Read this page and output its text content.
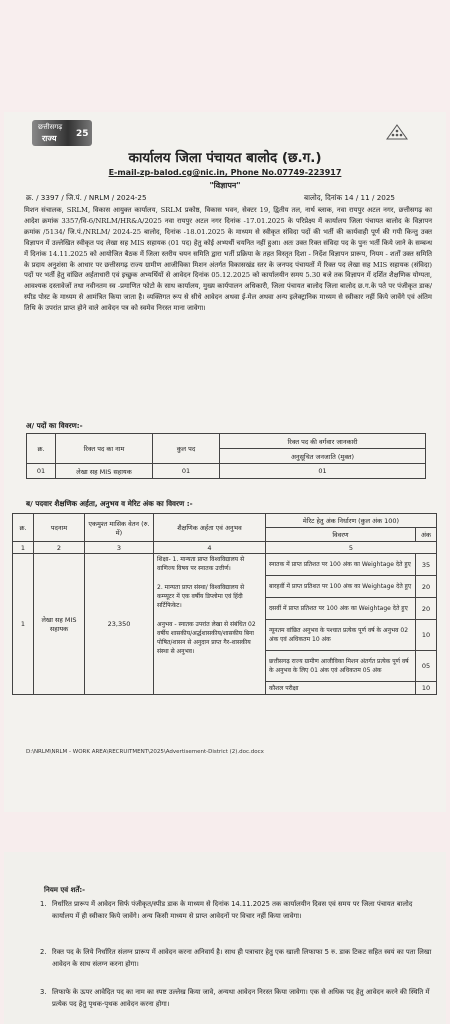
छत्तीसगढ़
राज्य 25
कार्यालय जिला पंचायत बालोद (छ.ग.)
E-mail-zp-balod.cg@nic.in, Phone No.07749-223917
"विज्ञापन"
क्र. / 3397 / जि.पं. / NRLM / 2024-25	बालोद, दिनांक 14 / 11 / 2025
मिशन संचालक, SRLM, विकास आयुक्त कार्यालय, SRLM प्रकोष्ठ, विकास भवन, सेक्टर 19, द्वितीय तल, नार्थ ब्लाक, नवा रायपुर अटल नगर, छत्तीसगढ़ का आदेश क्रमांक 3357/वि-6/NRLM/HR&A/2025 नवा रायपुर अटल नगर दिनांक -17.01.2025 के परिप्रेक्ष्य में कार्यालय जिला पंचायत बालोद के विज्ञापन क्रमांक /5134/ जि.पं./NRLM/ 2024-25 बालोद, दिनांक -18.01.2025 के माध्यम से स्वीकृत संविदा पदों की भर्ती की कार्यवाही पूर्ण की गयी किन्तु उक्त विज्ञापन में उल्लेखित स्वीकृत पद लेखा सह MIS सहायक (01 पद) हेतु कोई अभ्यर्थी चयनित नहीं हुआ। अतः उक्त रिक्त संविदा पद के पुनः भर्ती किये जाने के सम्बन्ध में दिनांक 14.11.2025 को आयोजित बैठक में जिला स्तरीय चयन समिति द्वारा भर्ती प्रक्रिया के तहत विस्तृत दिशा - निर्देश विज्ञापन प्रारूप, नियम - शर्तों उक्त समिति के प्रदाय अनुशंसा के आधार पर छत्तीसगढ़ राज्य ग्रामीण आजीविका मिशन अंतर्गत विकासखंड स्तर के जनपद पंचायतों में रिक्त पद लेखा सह MIS सहायक (संविदा) पदों पर भर्ती हेतु वांछित अर्हताधारी एवं इच्छुक अभ्यर्थियों से आवेदन दिनांक 05.12.2025 को कार्यालयीन समय 5.30 बजे तक विज्ञापन में दर्शित शैक्षणिक योग्यता, आवश्यक दस्तावेजों तथा नवीनतम स्व -प्रमाणित फोटो के साथ कार्यालय, मुख्य कार्यपालन अधिकारी, जिला पंचायत बालोद जिला बालोद छ.ग.के पते पर पंजीकृत डाक/स्पीड पोस्ट के माध्यम से आमंत्रित किया जाता है। व्यक्तिगत रूप से सीधे आवेदन अथवा ई-मेल अथवा अन्य इलेक्ट्रानिक माध्यम से स्वीकार नहीं किये जावेंगे एवं अंतिम तिथि के उपरांत प्राप्त होने वाले आवेदन पत्र को स्वमेव निरस्त माना जावेगा।
अ/ पदों का विवरण:-
क्र.	रिक्त पद का नाम	कुल पद	रिक्त पद की वर्गवार जानकारी
			अनुसूचित जनजाति (मुक्त)
01	लेखा सह MIS सहायक	01	01
ब/ पदवार शैक्षणिक अर्हता, अनुभव व मेरिट अंक का विवरण :-
क्र.	पदनाम	एकमुश्त मासिक वेतन (रु. में)	शैक्षणिक अर्हता एवं अनुभव	मेरिट हेतु अंक निर्धारण (कुल अंक 100)	
				विवरण	अंक
1	2	3	4	5	
1	लेखा सह MIS सहायक	23,350	शिक्षा- 1. मान्यता प्राप्त विश्वविद्यालय से वाणिज्य विषय पर स्नातक उत्तीर्ण।
2. मान्यता प्राप्त संस्था/ विश्वविद्यालय से कम्प्यूटर में एक वर्षीय डिप्लोमा एवं हिंदी सर्टिफिकेट।
अनुभव - स्नातक उपरांत लेखा से संबंधित 02 वर्षीय शासकीय/अर्द्धशासकीय/शासकीय बिना पोषित/शासन से अनुदान प्राप्त गैर-शासकीय संस्था से अनुभव।	स्नातक में प्राप्त प्रतिशत पर 100 अंक का Weightage देते हुए	35
				बारहवीं में प्राप्त प्रतिशत पर 100 अंक का Weightage देते हुए	20
				दसवीं में प्राप्त प्रतिशत पर 100 अंक का Weightage देते हुए	20
				न्यूनतम वांछित अनुभव के पश्चात प्रत्येक पूर्ण वर्ष के अनुभव 02 अंक एवं अधिकतम 10 अंक	10
				छत्तीसगढ़ राज्य ग्रामीण आजीविका मिशन अंतर्गत प्रत्येक पूर्ण वर्ष के अनुभव के लिए 01 अंक एवं अधिकतम 05 अंक	05
				कौशल परीक्षा	10
D:\NRLM\NRLM - WORK AREA\RECRUITMENT\2025\Advertisement-District (2).doc.docx
नियम एवं शर्तें:-
1. निर्धारित प्रारूप में आवेदन सिर्फ पंजीकृत/स्पीड डाक के माध्यम से दिनांक 14.11.2025 तक कार्यालयीन दिवस एवं समय पर जिला पंचायत बालोद कार्यालय में ही स्वीकार किये जावेंगे। अन्य किसी माध्यम से प्राप्त आवेदनों पर विचार नहीं किया जावेगा।
2. रिक्त पद के लिये निर्धारित संलग्न प्रारूप में आवेदन करना अनिवार्य है। साथ ही पत्राचार हेतु एक खाली लिफाफा 5 रु. डाक टिकट सहित स्वयं का पता लिखा आवेदन के साथ संलग्न करना होगा।
3. लिफाफे के ऊपर आवेदित पद का नाम का स्पष्ट उल्लेख किया जावे, अन्यथा आवेदन निरस्त किया जावेगा। एक से अधिक पद हेतु आवेदन करने की स्थिति में प्रत्येक पद हेतु पृथक-पृथक आवेदन करना होगा।
